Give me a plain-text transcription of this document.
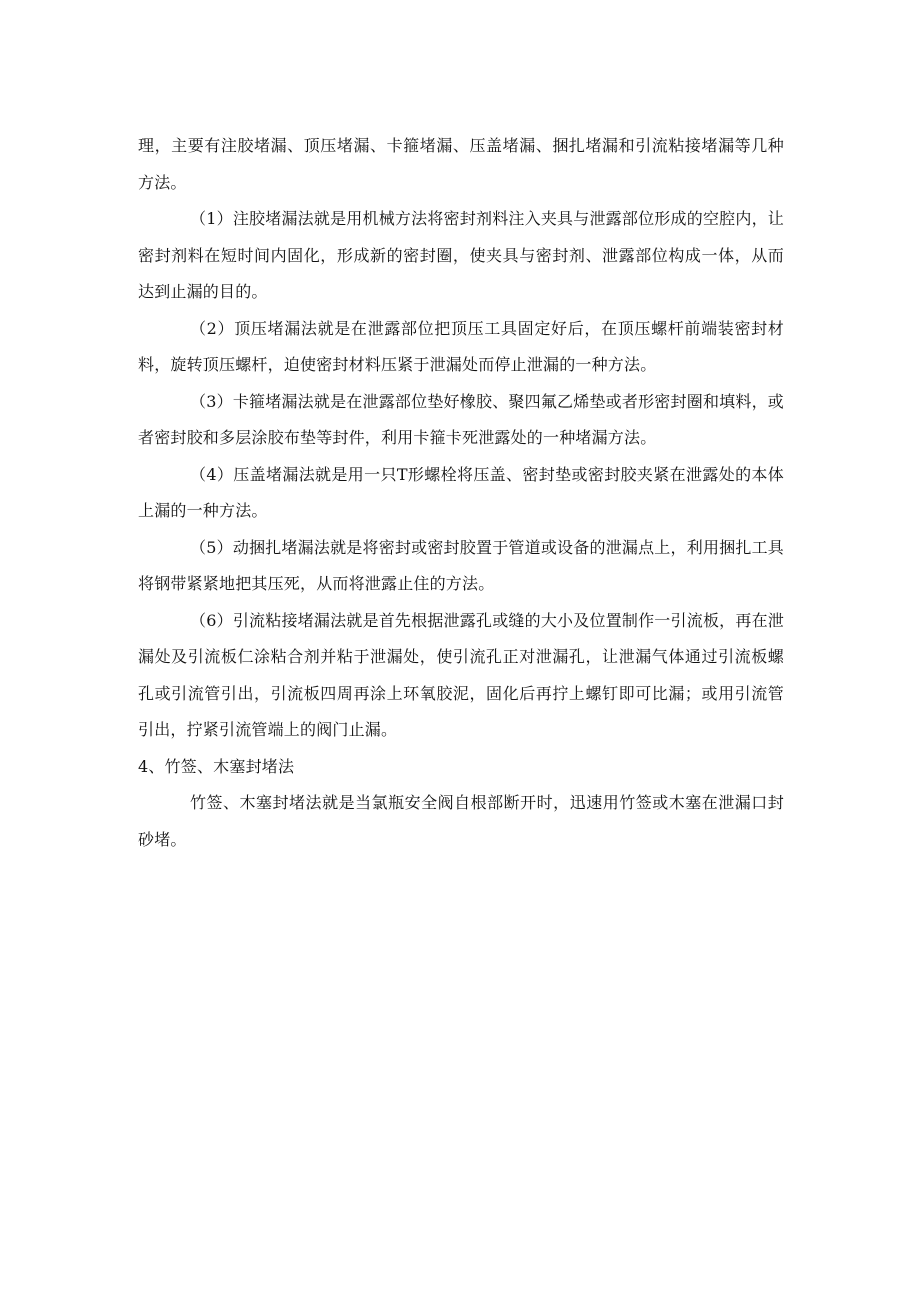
理，主要有注胶堵漏、顶压堵漏、卡箍堵漏、压盖堵漏、捆扎堵漏和引流粘接堵漏等几种方法。

（1）注胶堵漏法就是用机械方法将密封剂料注入夹具与泄露部位形成的空腔内，让密封剂料在短时间内固化，形成新的密封圈，使夹具与密封剂、泄露部位构成一体，从而达到止漏的目的。

（2）顶压堵漏法就是在泄露部位把顶压工具固定好后，在顶压螺杆前端装密封材料，旋转顶压螺杆，迫使密封材料压紧于泄漏处而停止泄漏的一种方法。

（3）卡箍堵漏法就是在泄露部位垫好橡胶、聚四氟乙烯垫或者形密封圈和填料，或者密封胶和多层涂胶布垫等封件，利用卡箍卡死泄露处的一种堵漏方法。

（4）压盖堵漏法就是用一只T形螺栓将压盖、密封垫或密封胶夹紧在泄露处的本体上漏的一种方法。

（5）动捆扎堵漏法就是将密封或密封胶置于管道或设备的泄漏点上，利用捆扎工具将钢带紧紧地把其压死，从而将泄露止住的方法。

（6）引流粘接堵漏法就是首先根据泄露孔或缝的大小及位置制作一引流板，再在泄漏处及引流板仁涂粘合剂并粘于泄漏处，使引流孔正对泄漏孔，让泄漏气体通过引流板螺孔或引流管引出，引流板四周再涂上环氧胶泥，固化后再拧上螺钉即可比漏；或用引流管引出，拧紧引流管端上的阀门止漏。

4、竹签、木塞封堵法

竹签、木塞封堵法就是当氯瓶安全阀自根部断开时，迅速用竹签或木塞在泄漏口封砂堵。
